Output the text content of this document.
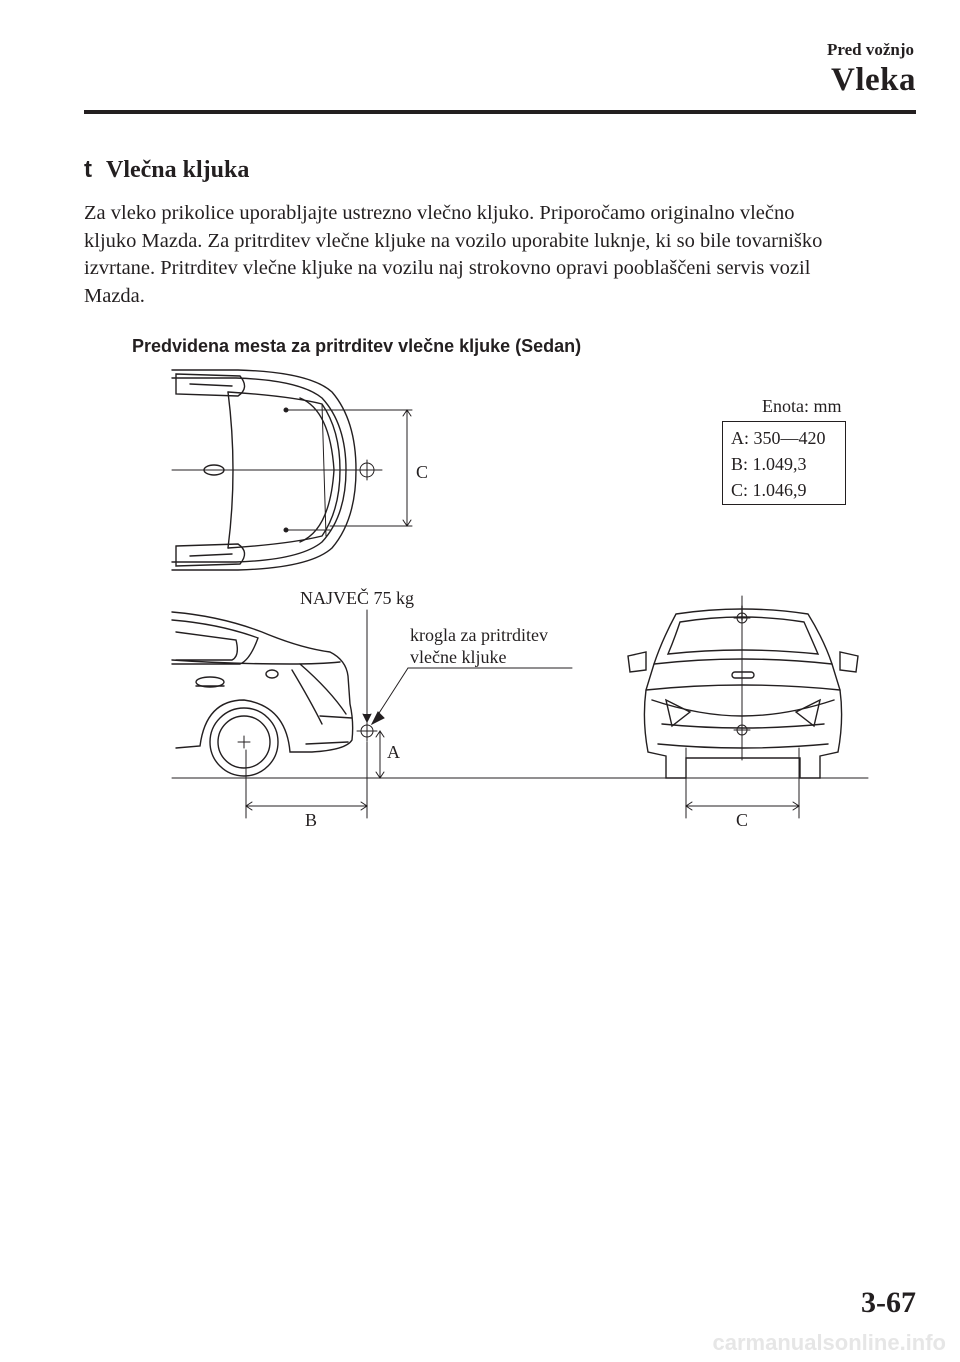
Pred vožnjo
Vleka
t Vlečna kljuka

Za vleko prikolice uporabljajte ustrezno vlečno kljuko. Priporočamo originalno vlečno

kljuko Mazda. Za pritrditev vlečne kljuke na vozilo uporabite luknje, ki so bile tovarniško

izvrtane. Pritrditev vlečne kljuke na vozilu naj strokovno opravi pooblaščeni servis vozil

Mazda.

Predvidena mesta za pritrditev vlečne kljuke (Sedan)
C
NAJVEČ 75 kg
krogla za pritrditev
vlečne kljuke
A
B	C
Enota: mm
A: 350—420
B: 1.049,3
C: 1.046,9
3-67
carmanualsonline.info
